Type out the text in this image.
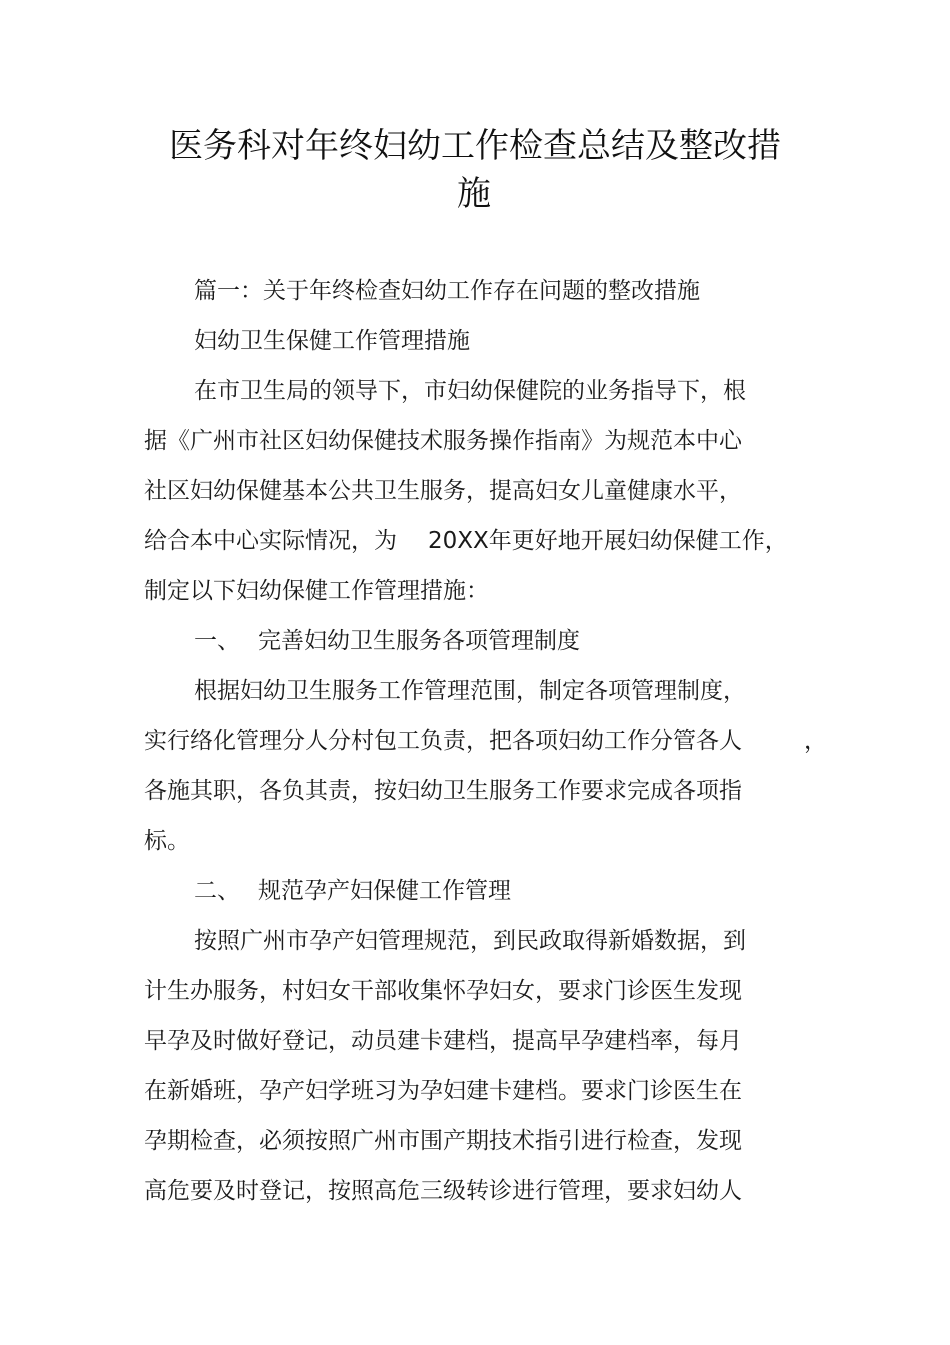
医务科对年终妇幼工作检查总结及整改措
施
篇一：关于年终检查妇幼工作存在问题的整改措施
妇幼卫生保健工作管理措施
在市卫生局的领导下，市妇幼保健院的业务指导下，根
据《广州市社区妇幼保健技术服务操作指南》为规范本中心
社区妇幼保健基本公共卫生服务，提高妇女儿童健康水平，
给合本中心实际情况，为 20XX年更好地开展妇幼保健工作，
制定以下妇幼保健工作管理措施：
一、 完善妇幼卫生服务各项管理制度
根据妇幼卫生服务工作管理范围，制定各项管理制度，
实行络化管理分人分村包工负责，把各项妇幼工作分管各人	，
各施其职，各负其责，按妇幼卫生服务工作要求完成各项指
标。
二、 规范孕产妇保健工作管理
按照广州市孕产妇管理规范，到民政取得新婚数据，到
计生办服务，村妇女干部收集怀孕妇女，要求门诊医生发现
早孕及时做好登记，动员建卡建档，提高早孕建档率，每月
在新婚班，孕产妇学班习为孕妇建卡建档。要求门诊医生在
孕期检查，必须按照广州市围产期技术指引进行检查，发现
高危要及时登记，按照高危三级转诊进行管理，要求妇幼人
